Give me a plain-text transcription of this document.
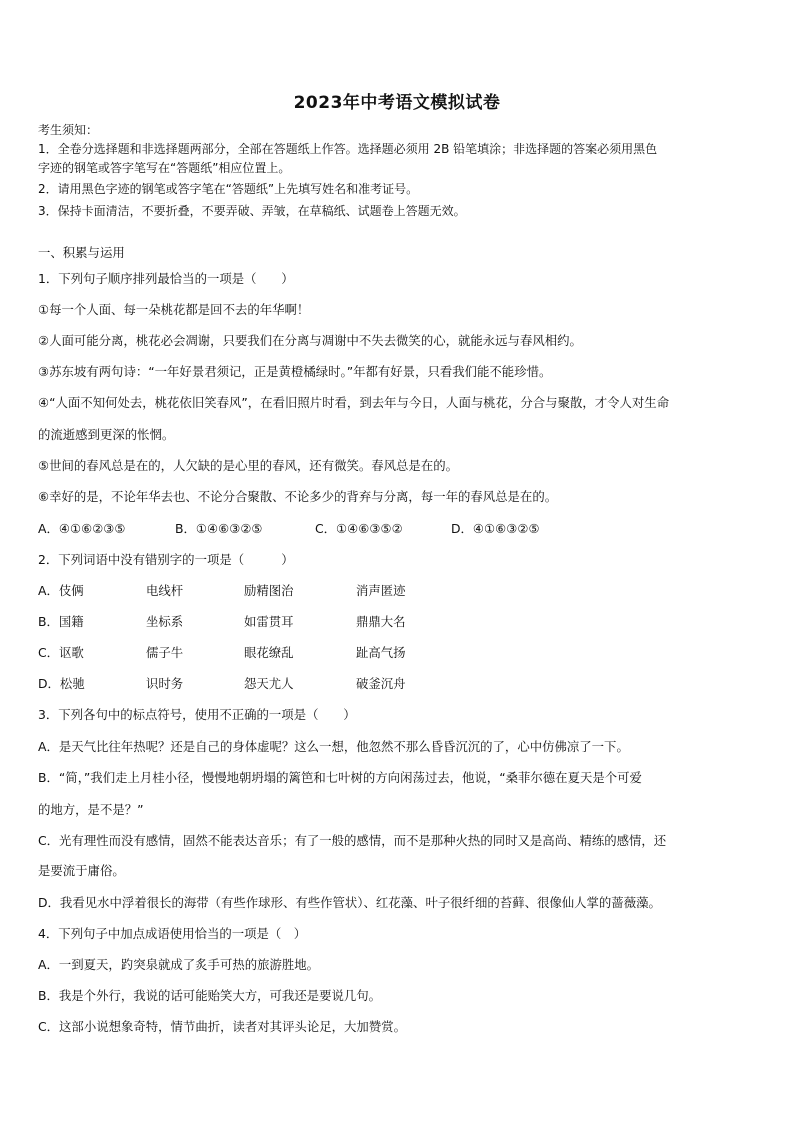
2023年中考语文模拟试卷
考生须知：
1．全卷分选择题和非选择题两部分，全部在答题纸上作答。选择题必须用 2B 铅笔填涂；非选择题的答案必须用黑色
字迹的钢笔或答字笔写在“答题纸”相应位置上。
2．请用黑色字迹的钢笔或答字笔在“答题纸”上先填写姓名和准考证号。
3．保持卡面清洁，不要折叠，不要弄破、弄皱，在草稿纸、试题卷上答题无效。
一、积累与运用
1．下列句子顺序排列最恰当的一项是（　　）
①每一个人面、每一朵桃花都是回不去的年华啊！
②人面可能分离，桃花必会凋谢，只要我们在分离与凋谢中不失去微笑的心，就能永远与春风相约。
③苏东坡有两句诗：“一年好景君须记，正是黄橙橘绿时。”年都有好景，只看我们能不能珍惜。
④“人面不知何处去，桃花依旧笑春风”，在看旧照片时看，到去年与今日，人面与桃花，分合与聚散，才令人对生命
的流逝感到更深的怅惘。
⑤世间的春风总是在的，人欠缺的是心里的春风，还有微笑。春风总是在的。
⑥幸好的是，不论年华去也、不论分合聚散、不论多少的背弃与分离，每一年的春风总是在的。
A．④①⑥②③⑤	B．①④⑥③②⑤	C．①④⑥③⑤②	D．④①⑥③②⑤
2．下列词语中没有错别字的一项是（　　　）
A．伎俩	电线杆	励精图治	消声匿迹
B．国籍	坐标系	如雷贯耳	鼎鼎大名
C．讴歌	儒子牛	眼花缭乱	趾高气扬
D．松驰	识时务	怨天尤人	破釜沉舟
3．下列各句中的标点符号，使用不正确的一项是（　　）
A．是天气比往年热呢？还是自己的身体虚呢？这么一想，他忽然不那么昏昏沉沉的了，心中仿佛凉了一下。
B．“简，”我们走上月桂小径，慢慢地朝坍塌的篱笆和七叶树的方向闲荡过去，他说，“桑菲尔德在夏天是个可爱
的地方，是不是？”
C．光有理性而没有感情，固然不能表达音乐；有了一般的感情，而不是那种火热的同时又是高尚、精练的感情，还
是要流于庸俗。
D．我看见水中浮着很长的海带（有些作球形、有些作管状）、红花藻、叶子很纤细的苔藓、很像仙人掌的蔷薇藻。
4．下列句子中加点成语使用恰当的一项是（　）
A．一到夏天，趵突泉就成了炙手可热的旅游胜地。
B．我是个外行，我说的话可能贻笑大方，可我还是要说几句。
C．这部小说想象奇特，情节曲折，读者对其评头论足，大加赞赏。
